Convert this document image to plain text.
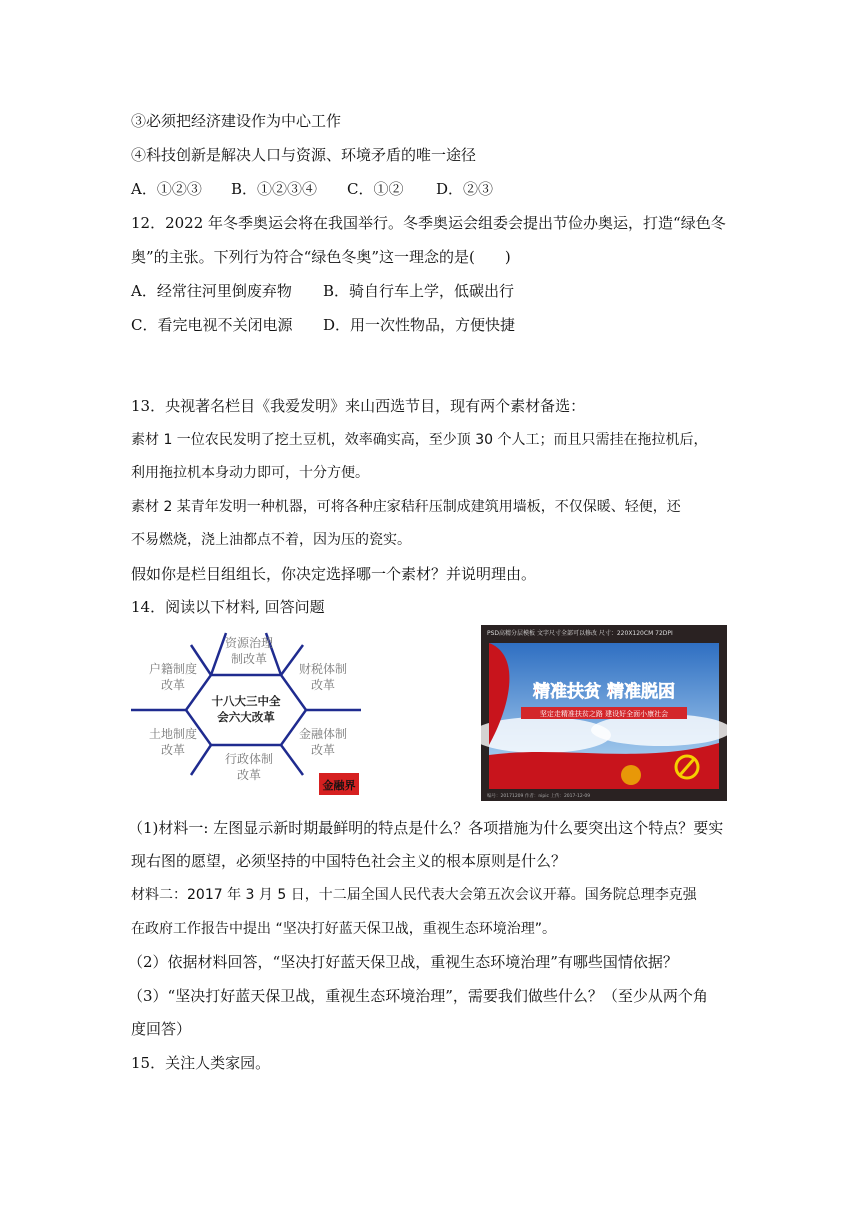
③必须把经济建设作为中心工作
④科技创新是解决人口与资源、环境矛盾的唯一途径
A．①②③ B．①②③④ C．①② D．②③
12．2022 年冬季奥运会将在我国举行。冬季奥运会组委会提出节俭办奥运，打造“绿色冬
奥”的主张。下列行为符合“绿色冬奥”这一理念的是(　　)
A．经常往河里倒废弃物 B．骑自行车上学，低碳出行
C．看完电视不关闭电源 D．用一次性物品，方便快捷
13．央视著名栏目《我爱发明》来山西选节目，现有两个素材备选：
素材 1 一位农民发明了挖土豆机，效率确实高，至少顶 30 个人工；而且只需挂在拖拉机后，
利用拖拉机本身动力即可，十分方便。
素材 2 某青年发明一种机器，可将各种庄家秸秆压制成建筑用墙板，不仅保暖、轻便，还
不易燃烧，浇上油都点不着，因为压的瓷实。
假如你是栏目组组长，你决定选择哪一个素材？并说明理由。
14．阅读以下材料, 回答问题
十八大三中全
会六大改革
资源治理
制改革
户籍制度
改革
财税体制
改革
土地制度
改革
金融体制
改革
行政体制
改革
金融界
PSD高精分层模板 文字尺寸全部可以修改 尺寸：220X120CM 72DPI
精准扶贫 精准脱困
坚定走精准扶贫之路 建设好全面小康社会
编号：20171209 作者：nipic 上传：2017-12-09
（1)材料一: 左图显示新时期最鲜明的特点是什么？各项措施为什么要突出这个特点？要实
现右图的愿望，必须坚持的中国特色社会主义的根本原则是什么？
材料二：2017 年 3 月 5 日，十二届全国人民代表大会第五次会议开幕。国务院总理李克强
在政府工作报告中提出 “坚决打好蓝天保卫战，重视生态环境治理”。
（2）依据材料回答，“坚决打好蓝天保卫战，重视生态环境治理”有哪些国情依据？
（3）“坚决打好蓝天保卫战，重视生态环境治理”，需要我们做些什么？（至少从两个角
度回答）
15．关注人类家园。
